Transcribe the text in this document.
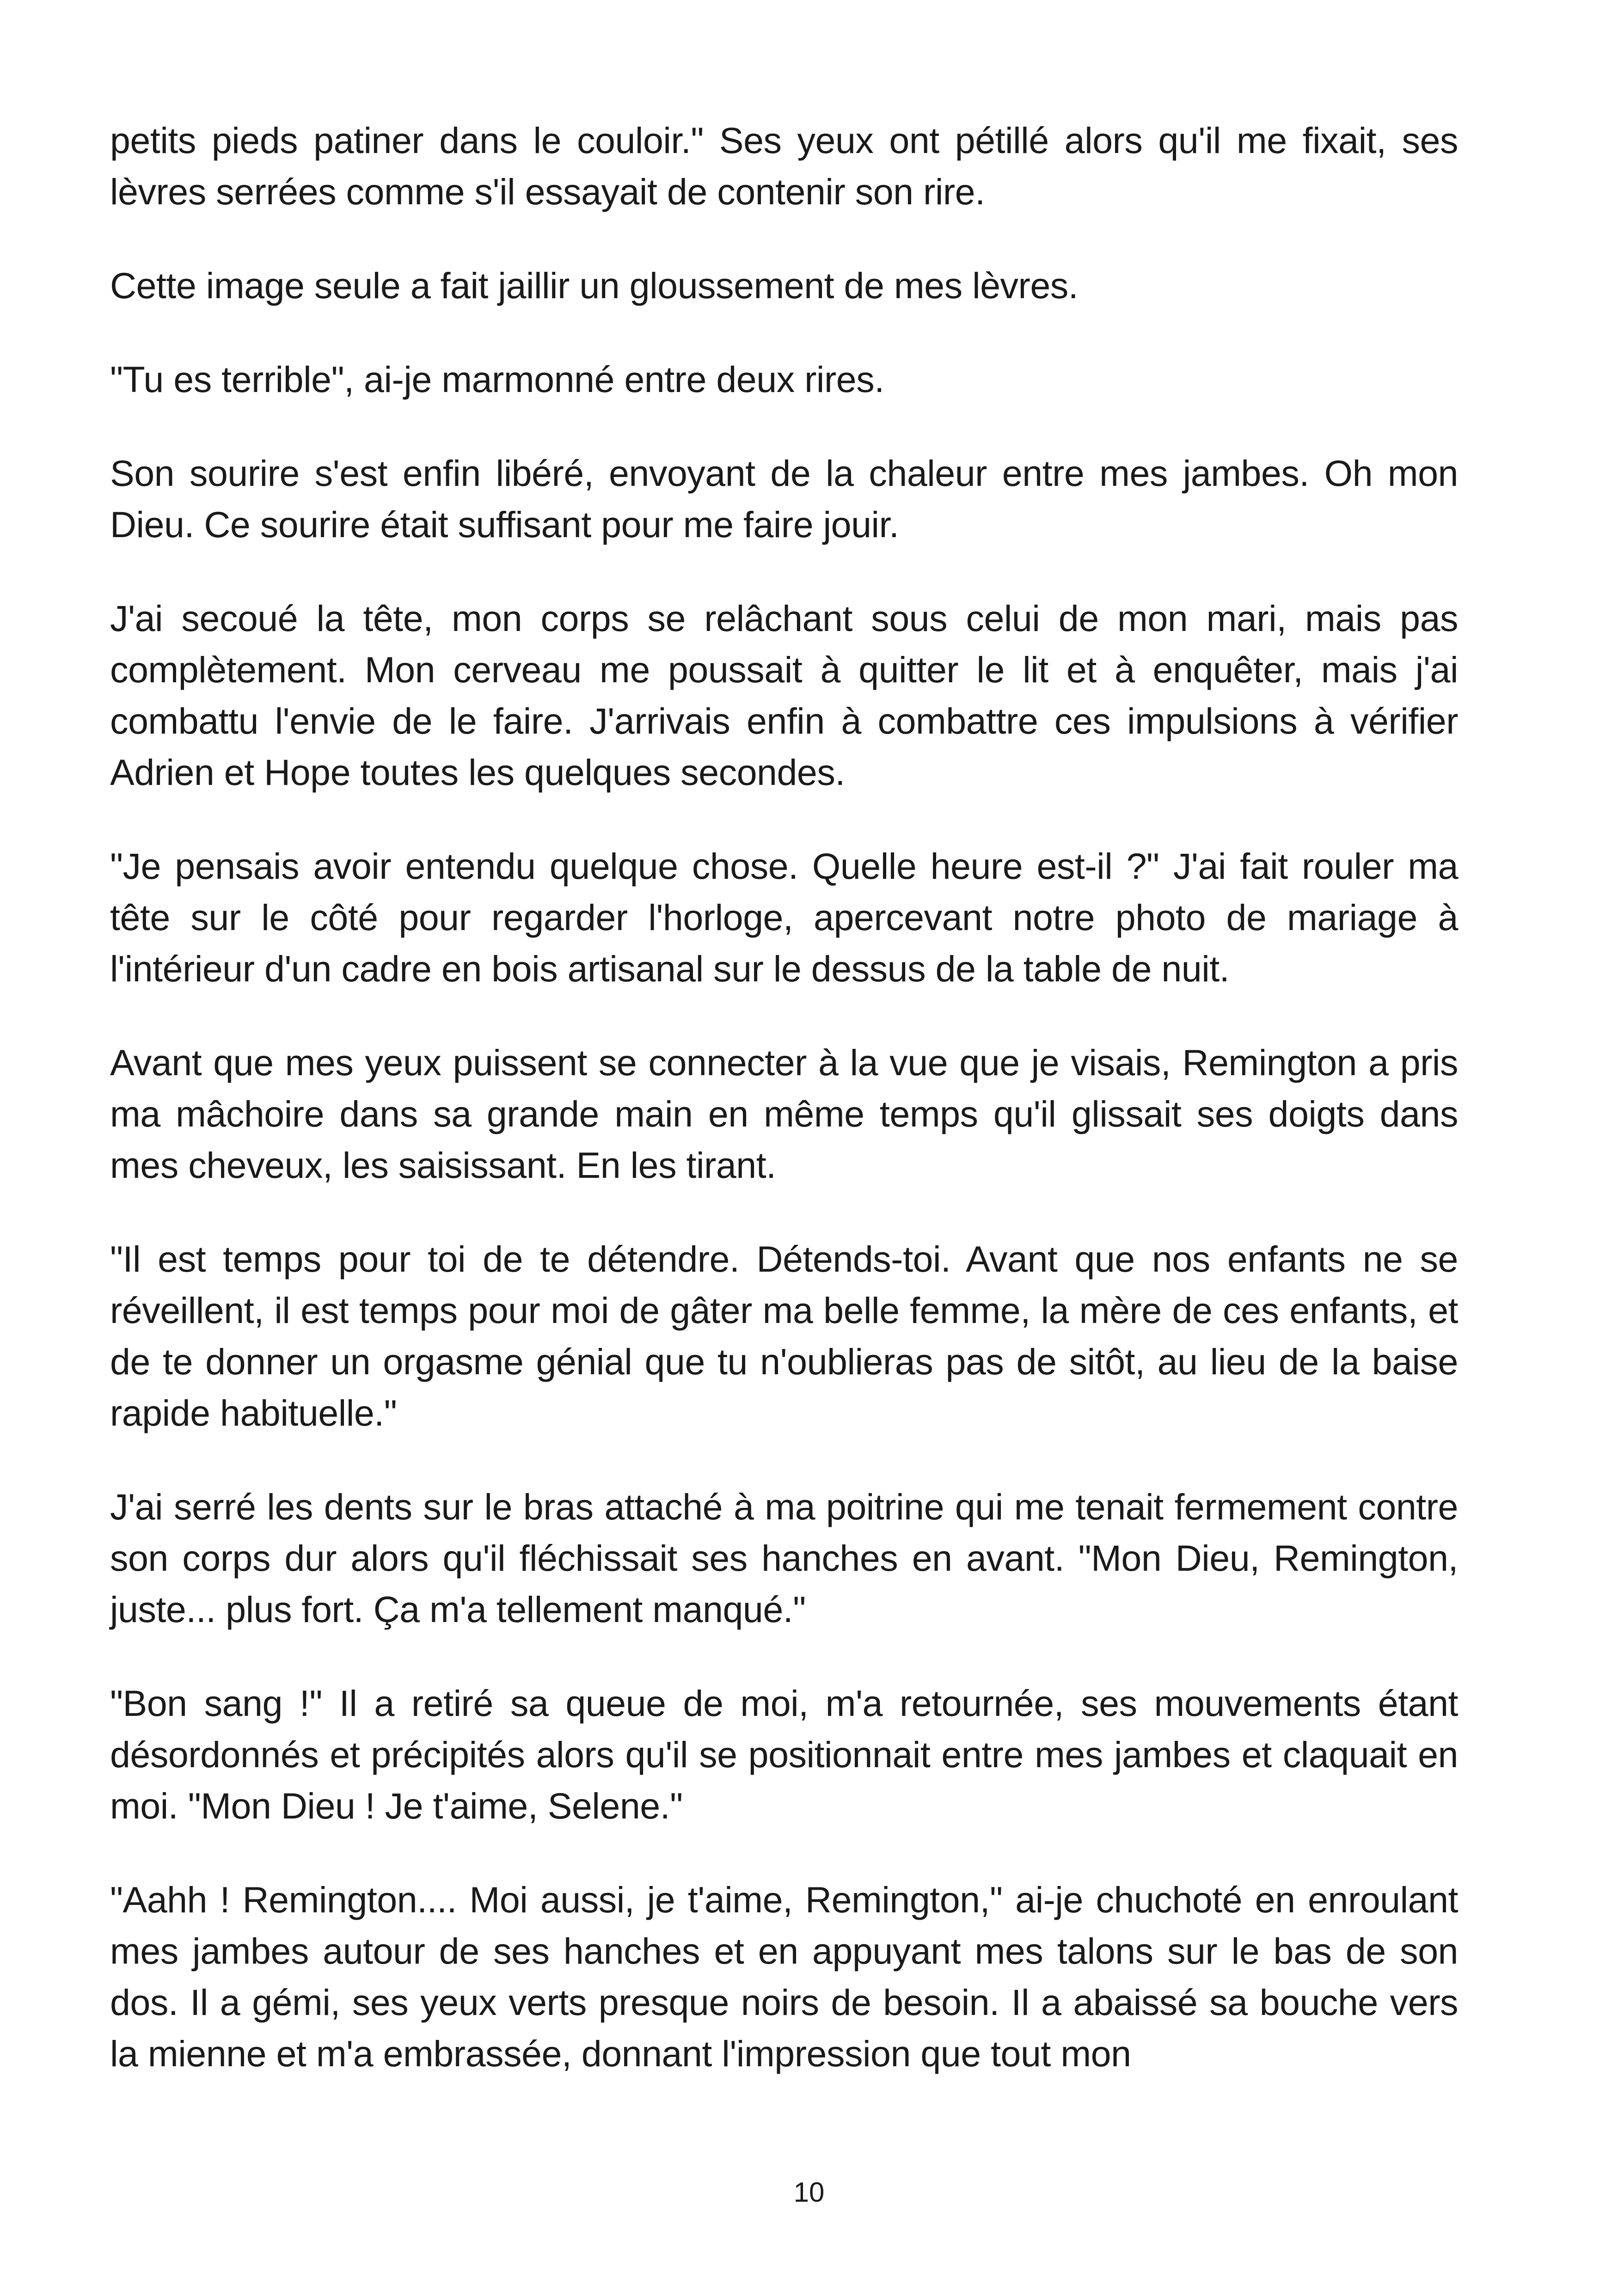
petits pieds patiner dans le couloir." Ses yeux ont pétillé alors qu'il me fixait, ses lèvres serrées comme s'il essayait de contenir son rire.

Cette image seule a fait jaillir un gloussement de mes lèvres.

"Tu es terrible", ai-je marmonné entre deux rires.

Son sourire s'est enfin libéré, envoyant de la chaleur entre mes jambes. Oh mon Dieu. Ce sourire était suffisant pour me faire jouir.

J'ai secoué la tête, mon corps se relâchant sous celui de mon mari, mais pas complètement. Mon cerveau me poussait à quitter le lit et à enquêter, mais j'ai combattu l'envie de le faire. J'arrivais enfin à combattre ces impulsions à vérifier Adrien et Hope toutes les quelques secondes.

"Je pensais avoir entendu quelque chose. Quelle heure est-il ?" J'ai fait rouler ma tête sur le côté pour regarder l'horloge, apercevant notre photo de mariage à l'intérieur d'un cadre en bois artisanal sur le dessus de la table de nuit.

Avant que mes yeux puissent se connecter à la vue que je visais, Remington a pris ma mâchoire dans sa grande main en même temps qu'il glissait ses doigts dans mes cheveux, les saisissant. En les tirant.

"Il est temps pour toi de te détendre. Détends-toi. Avant que nos enfants ne se réveillent, il est temps pour moi de gâter ma belle femme, la mère de ces enfants, et de te donner un orgasme génial que tu n'oublieras pas de sitôt, au lieu de la baise rapide habituelle."

J'ai serré les dents sur le bras attaché à ma poitrine qui me tenait fermement contre son corps dur alors qu'il fléchissait ses hanches en avant. "Mon Dieu, Remington, juste... plus fort. Ça m'a tellement manqué."

"Bon sang !" Il a retiré sa queue de moi, m'a retournée, ses mouvements étant désordonnés et précipités alors qu'il se positionnait entre mes jambes et claquait en moi. "Mon Dieu ! Je t'aime, Selene."

"Aahh ! Remington.... Moi aussi, je t'aime, Remington," ai-je chuchoté en enroulant mes jambes autour de ses hanches et en appuyant mes talons sur le bas de son dos. Il a gémi, ses yeux verts presque noirs de besoin. Il a abaissé sa bouche vers la mienne et m'a embrassée, donnant l'impression que tout mon

10
